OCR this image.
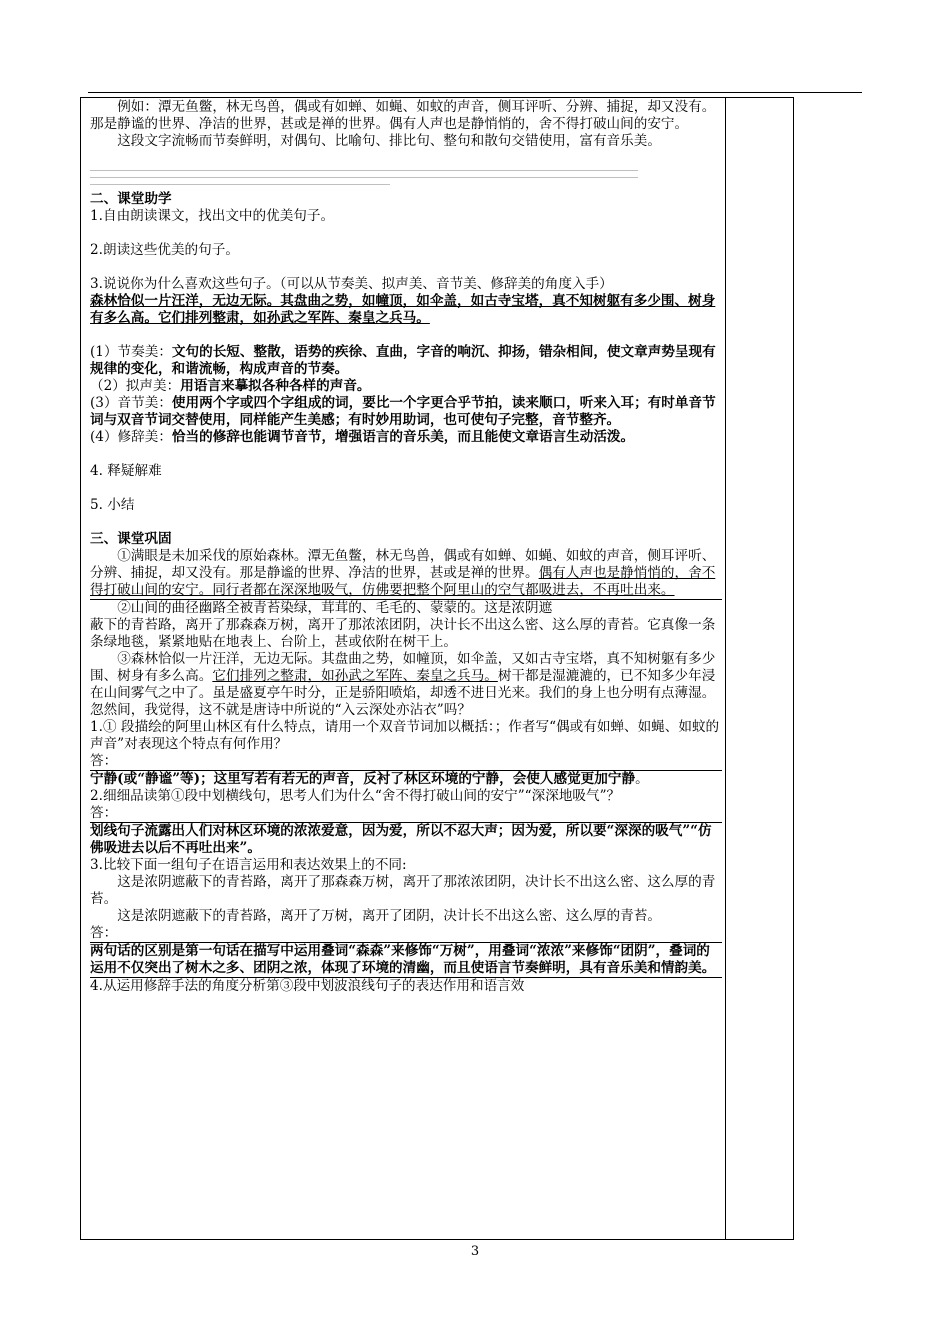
例如：潭无鱼鳖，林无鸟兽，偶或有如蝉、如蝇、如蚊的声音，侧耳评听、分辨、捕捉，却又没有。那是静谧的世界、净洁的世界，甚或是禅的世界。偶有人声也是静悄悄的，舍不得打破山间的安宁。

这段文字流畅而节奏鲜明，对偶句、比喻句、排比句、整句和散句交错使用，富有音乐美。

二、课堂助学

1.自由朗读课文，找出文中的优美句子。

2.朗读这些优美的句子。

3.说说你为什么喜欢这些句子。（可以从节奏美、拟声美、音节美、修辞美的角度入手）

森林恰似一片汪洋，无边无际。其盘曲之势，如幢顶，如伞盖，如古寺宝塔，真不知树躯有多少围、树身有多么高。它们排列整肃，如孙武之军阵、秦皇之兵马。

(1）节奏美：文句的长短、整散，语势的疾徐、直曲，字音的响沉、抑扬，错杂相间，使文章声势呈现有规律的变化，和谐流畅，构成声音的节奏。

（2）拟声美：用语言来摹拟各种各样的声音。

(3）音节美：使用两个字或四个字组成的词，要比一个字更合乎节拍，读来顺口，听来入耳；有时单音节词与双音节词交替使用，同样能产生美感；有时妙用助词，也可使句子完整，音节整齐。

(4）修辞美：恰当的修辞也能调节音节，增强语言的音乐美，而且能使文章语言生动活泼。

4. 释疑解难

5. 小结

三、课堂巩固

①满眼是未加采伐的原始森林。潭无鱼鳖，林无鸟兽，偶或有如蝉、如蝇、如蚊的声音，侧耳评听、分辨、捕捉，却又没有。那是静谧的世界、净洁的世界，甚或是禅的世界。偶有人声也是静悄悄的，舍不得打破山间的安宁。同行者都在深深地吸气，仿佛要把整个阿里山的空气都吸进去，不再吐出来。

②山间的曲径幽路全被青苔染绿，茸茸的、毛毛的、蒙蒙的。这是浓阴遮

蔽下的青苔路，离开了那森森万树，离开了那浓浓团阴，决计长不出这么密、这么厚的青苔。它真像一条条绿地毯，紧紧地贴在地表上、台阶上，甚或依附在树干上。

③森林恰似一片汪洋，无边无际。其盘曲之势，如幢顶，如伞盖，又如古寺宝塔，真不知树躯有多少围、树身有多么高。它们排列之整肃，如孙武之军阵、秦皇之兵马。树干都是湿漉漉的，已不知多少年浸在山间雾气之中了。虽是盛夏亭午时分，正是骄阳喷焰，却透不进日光来。我们的身上也分明有点薄湿。忽然间，我觉得，这不就是唐诗中所说的“入云深处亦沾衣”吗？

1.① 段描绘的阿里山林区有什么特点，请用一个双音节词加以概括：；作者写“偶或有如蝉、如蝇、如蚊的声音”对表现这个特点有何作用？

答：

宁静(或“静谧”等)；这里写若有若无的声音，反衬了林区环境的宁静，会使人感觉更加宁静。

2.细细品读第①段中划横线句，思考人们为什么“舍不得打破山间的安宁”“深深地吸气”？

答：

划线句子流露出人们对林区环境的浓浓爱意，因为爱，所以不忍大声；因为爱，所以要“深深的吸气”“仿佛吸进去以后不再吐出来”。

3.比较下面一组句子在语言运用和表达效果上的不同:

这是浓阴遮蔽下的青苔路，离开了那森森万树，离开了那浓浓团阴，决计长不出这么密、这么厚的青苔。

这是浓阴遮蔽下的青苔路，离开了万树，离开了团阴，决计长不出这么密、这么厚的青苔。

答：

两句话的区别是第一句话在描写中运用叠词“森森”来修饰“万树”，用叠词“浓浓”来修饰“团阴”，叠词的运用不仅突出了树木之多、团阴之浓，体现了环境的清幽，而且使语言节奏鲜明，具有音乐美和情韵美。

4.从运用修辞手法的角度分析第③段中划波浪线句子的表达作用和语言效

3
